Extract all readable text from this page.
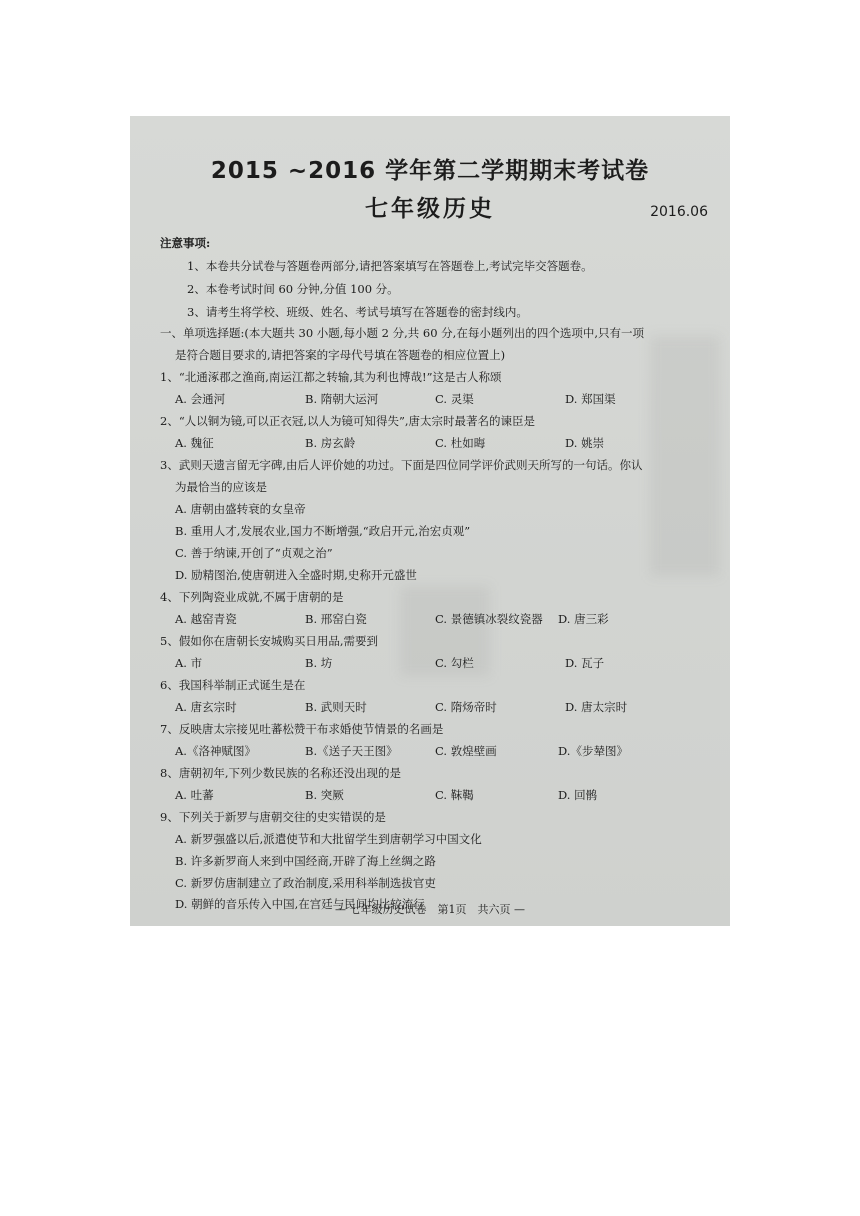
2015 ~2016 学年第二学期期末考试卷
七年级历史	2016.06
注意事项:
1、本卷共分试卷与答题卷两部分,请把答案填写在答题卷上,考试完毕交答题卷。
2、本卷考试时间 60 分钟,分值 100 分。
3、请考生将学校、班级、姓名、考试号填写在答题卷的密封线内。
一、单项选择题:(本大题共 30 小题,每小题 2 分,共 60 分,在每小题列出的四个选项中,只有一项
是符合题目要求的,请把答案的字母代号填在答题卷的相应位置上)
1、“北通涿郡之渔商,南运江都之转输,其为利也博哉!”这是古人称颂
A. 会通河	B. 隋朝大运河	C. 灵渠	D. 郑国渠
2、“人以铜为镜,可以正衣冠,以人为镜可知得失”,唐太宗时最著名的谏臣是
A. 魏征	B. 房玄龄	C. 杜如晦	D. 姚崇
3、武则天遗言留无字碑,由后人评价她的功过。下面是四位同学评价武则天所写的一句话。你认
为最恰当的应该是
A. 唐朝由盛转衰的女皇帝
B. 重用人才,发展农业,国力不断增强,“政启开元,治宏贞观”
C. 善于纳谏,开创了“贞观之治”
D. 励精图治,使唐朝进入全盛时期,史称开元盛世
4、下列陶瓷业成就,不属于唐朝的是
A. 越窑青瓷	B. 邢窑白瓷	C. 景德镇冰裂纹瓷器 D. 唐三彩
5、假如你在唐朝长安城购买日用品,需要到
A. 市	B. 坊	C. 勾栏	D. 瓦子
6、我国科举制正式诞生是在
A. 唐玄宗时	B. 武则天时	C. 隋炀帝时	D. 唐太宗时
7、反映唐太宗接见吐蕃松赞干布求婚使节情景的名画是
A.《洛神赋图》	B.《送子天王图》	C. 敦煌壁画	D.《步辇图》
8、唐朝初年,下列少数民族的名称还没出现的是
A. 吐蕃	B. 突厥	C. 靺鞨	D. 回鹘
9、下列关于新罗与唐朝交往的史实错误的是
A. 新罗强盛以后,派遣使节和大批留学生到唐朝学习中国文化
B. 许多新罗商人来到中国经商,开辟了海上丝绸之路
C. 新罗仿唐制建立了政治制度,采用科举制选拔官吏
D. 朝鲜的音乐传入中国,在宫廷与民间均比较流行
— 七年级历史试卷　第1页　共六页 —
